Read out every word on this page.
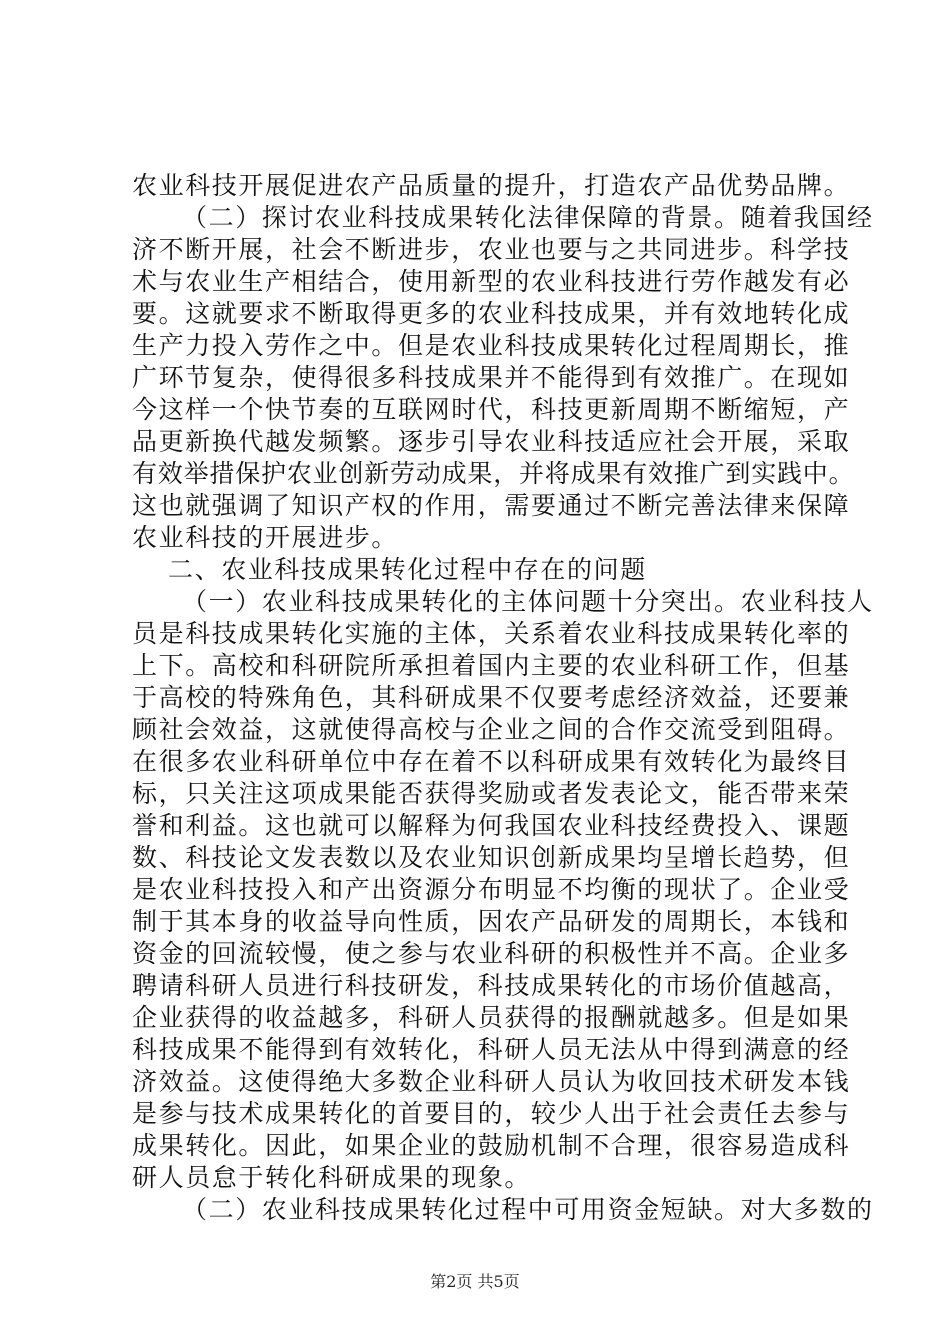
农业科技开展促进农产品质量的提升，打造农产品优势品牌。
（二）探讨农业科技成果转化法律保障的背景。随着我国经
济不断开展，社会不断进步，农业也要与之共同进步。科学技
术与农业生产相结合，使用新型的农业科技进行劳作越发有必
要。这就要求不断取得更多的农业科技成果，并有效地转化成
生产力投入劳作之中。但是农业科技成果转化过程周期长，推
广环节复杂，使得很多科技成果并不能得到有效推广。在现如
今这样一个快节奏的互联网时代，科技更新周期不断缩短，产
品更新换代越发频繁。逐步引导农业科技适应社会开展，采取
有效举措保护农业创新劳动成果，并将成果有效推广到实践中。
这也就强调了知识产权的作用，需要通过不断完善法律来保障
农业科技的开展进步。
二、农业科技成果转化过程中存在的问题
（一）农业科技成果转化的主体问题十分突出。农业科技人
员是科技成果转化实施的主体，关系着农业科技成果转化率的
上下。高校和科研院所承担着国内主要的农业科研工作，但基
于高校的特殊角色，其科研成果不仅要考虑经济效益，还要兼
顾社会效益，这就使得高校与企业之间的合作交流受到阻碍。
在很多农业科研单位中存在着不以科研成果有效转化为最终目
标，只关注这项成果能否获得奖励或者发表论文，能否带来荣
誉和利益。这也就可以解释为何我国农业科技经费投入、课题
数、科技论文发表数以及农业知识创新成果均呈增长趋势，但
是农业科技投入和产出资源分布明显不均衡的现状了。企业受
制于其本身的收益导向性质，因农产品研发的周期长，本钱和
资金的回流较慢，使之参与农业科研的积极性并不高。企业多
聘请科研人员进行科技研发，科技成果转化的市场价值越高，
企业获得的收益越多，科研人员获得的报酬就越多。但是如果
科技成果不能得到有效转化，科研人员无法从中得到满意的经
济效益。这使得绝大多数企业科研人员认为收回技术研发本钱
是参与技术成果转化的首要目的，较少人出于社会责任去参与
成果转化。因此，如果企业的鼓励机制不合理，很容易造成科
研人员怠于转化科研成果的现象。
（二）农业科技成果转化过程中可用资金短缺。对大多数的
第2页 共5页
